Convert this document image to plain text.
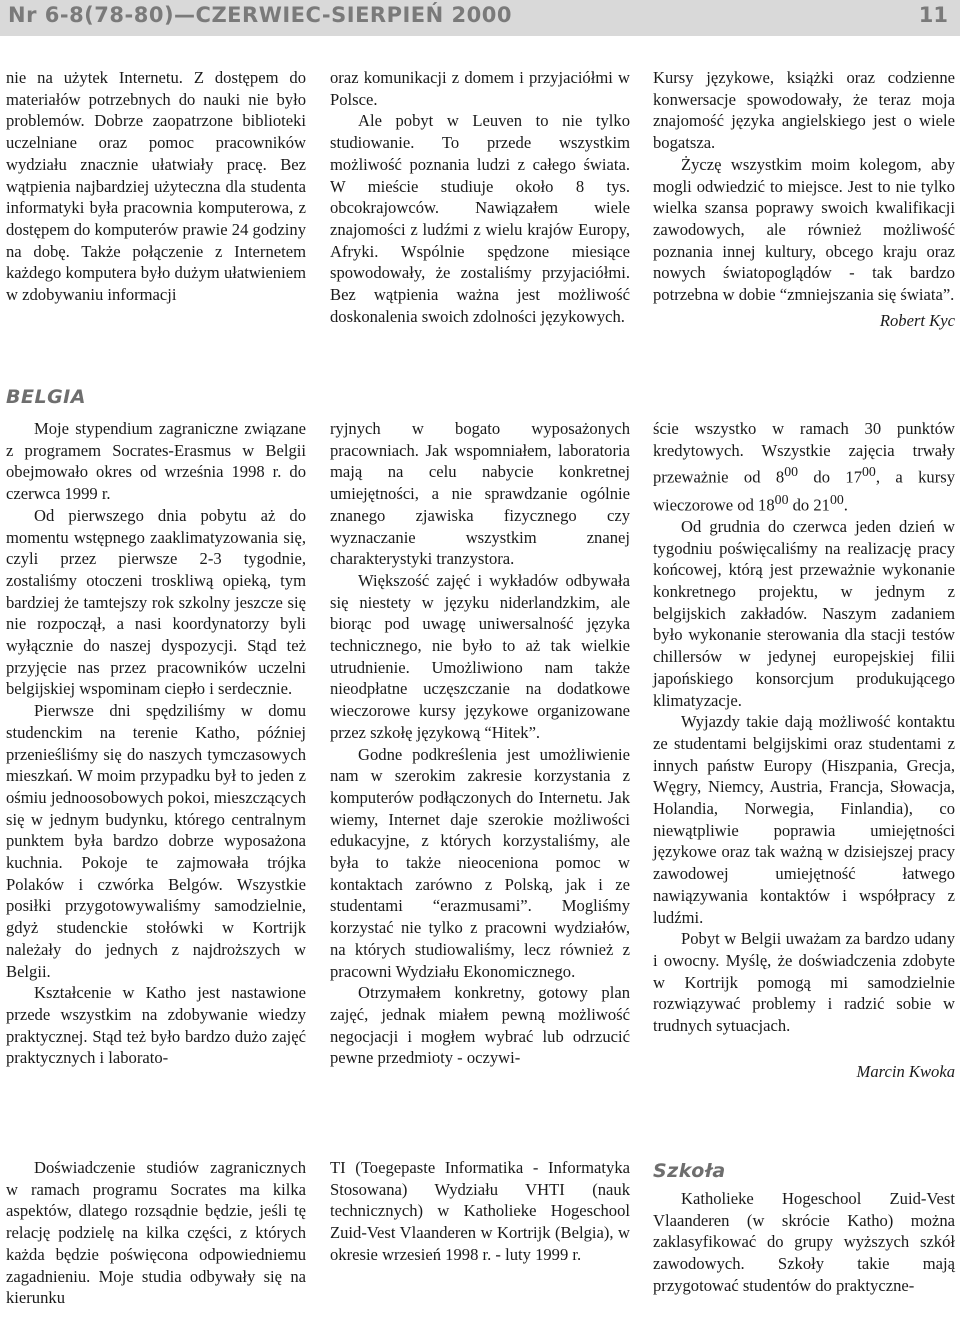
Nr 6-8(78-80)—CZERWIEC-SIERPIEŃ 2000	11

nie na użytek Internetu. Z dostępem do materiałów potrzebnych do nauki nie było problemów. Dobrze zaopatrzone biblioteki uczelniane oraz pomoc pracowników wydziału znacznie ułatwiały pracę. Bez wątpienia najbardziej użyteczna dla studenta informatyki była pracownia komputerowa, z dostępem do komputerów prawie 24 godziny na dobę. Także połączenie z Internetem każdego komputera było dużym ułatwieniem w zdobywaniu informacji

oraz komunikacji z domem i przyjaciółmi w Polsce.

Ale pobyt w Leuven to nie tylko studiowanie. To przede wszystkim możliwość poznania ludzi z całego świata. W mieście studiuje około 8 tys. obcokrajowców. Nawiązałem wiele znajomości z ludźmi z wielu krajów Europy, Afryki. Wspólnie spędzone miesiące spowodowały, że zostaliśmy przyjaciółmi. Bez wątpienia ważna jest możliwość doskonalenia swoich zdolności językowych.

Kursy językowe, książki oraz codzienne konwersacje spowodowały, że teraz moja znajomość języka angielskiego jest o wiele bogatsza.

Życzę wszystkim moim kolegom, aby mogli odwiedzić to miejsce. Jest to nie tylko wielka szansa poprawy swoich kwalifikacji zawodowych, ale również możliwość poznania innej kultury, obcego kraju oraz nowych światopoglądów - tak bardzo potrzebna w dobie “zmniejszania się świata”.

Robert Kyc
BELGIA

Moje stypendium zagraniczne związane z programem Socrates-Erasmus w Belgii obejmowało okres od września 1998 r. do czerwca 1999 r.

Od pierwszego dnia pobytu aż do momentu wstępnego zaaklimatyzowania się, czyli przez pierwsze 2-3 tygodnie, zostaliśmy otoczeni troskliwą opieką, tym bardziej że tamtejszy rok szkolny jeszcze się nie rozpoczął, a nasi koordynatorzy byli wyłącznie do naszej dyspozycji. Stąd też przyjęcie nas przez pracowników uczelni belgijskiej wspominam ciepło i serdecznie.

Pierwsze dni spędziliśmy w domu studenckim na terenie Katho, później przenieśliśmy się do naszych tymczasowych mieszkań. W moim przypadku był to jeden z ośmiu jednoosobowych pokoi, mieszczących się w jednym budynku, którego centralnym punktem była bardzo dobrze wyposażona kuchnia. Pokoje te zajmowała trójka Polaków i czwórka Belgów. Wszystkie posiłki przygotowywaliśmy samodzielnie, gdyż studenckie stołówki w Kortrijk należały do jednych z najdroższych w Belgii.

Kształcenie w Katho jest nastawione przede wszystkim na zdobywanie wiedzy praktycznej. Stąd też było bardzo dużo zajęć praktycznych i laborato-

ryjnych w bogato wyposażonych pracowniach. Jak wspomniałem, laboratoria mają na celu nabycie konkretnej umiejętności, a nie sprawdzanie ogólnie znanego zjawiska fizycznego czy wyznaczanie wszystkim znanej charakterystyki tranzystora.

Większość zajęć i wykładów odbywała się niestety w języku niderlandzkim, ale biorąc pod uwagę uniwersalność języka technicznego, nie było to aż tak wielkie utrudnienie. Umożliwiono nam także nieodpłatne uczęszczanie na dodatkowe wieczorowe kursy językowe organizowane przez szkołę językową “Hitek”.

Godne podkreślenia jest umożliwienie nam w szerokim zakresie korzystania z komputerów podłączonych do Internetu. Jak wiemy, Internet daje szerokie możliwości edukacyjne, z których korzystaliśmy, ale była to także nieoceniona pomoc w kontaktach zarówno z Polską, jak i ze studentami “erazmusami”. Mogliśmy korzystać nie tylko z pracowni wydziałów, na których studiowaliśmy, lecz również z pracowni Wydziału Ekonomicznego.

Otrzymałem konkretny, gotowy plan zajęć, jednak miałem pewną możliwość negocjacji i mogłem wybrać lub odrzucić pewne przedmioty - oczywi-

ście wszystko w ramach 30 punktów kredytowych. Wszystkie zajęcia trwały przeważnie od $8^{00}$ do $17^{00}$, a kursy wieczorowe od $18^{00}$ do $21^{00}$.

Od grudnia do czerwca jeden dzień w tygodniu poświęcaliśmy na realizację pracy końcowej, którą jest przeważnie wykonanie konkretnego projektu, w jednym z belgijskich zakładów. Naszym zadaniem było wykonanie sterowania dla stacji testów chillersów w jedynej europejskiej filii japońskiego konsorcjum produkującego klimatyzacje.

Wyjazdy takie dają możliwość kontaktu ze studentami belgijskimi oraz studentami z innych państw Europy (Hiszpania, Grecja, Węgry, Niemcy, Austria, Francja, Słowacja, Holandia, Norwegia, Finlandia), co niewątpliwie poprawia umiejętności językowe oraz tak ważną w dzisiejszej pracy zawodowej umiejętność łatwego nawiązywania kontaktów i współpracy z ludźmi.

Pobyt w Belgii uważam za bardzo udany i owocny. Myślę, że doświadczenia zdobyte w Kortrijk pomogą mi samodzielnie rozwiązywać problemy i radzić sobie w trudnych sytuacjach.

Marcin Kwoka

Doświadczenie studiów zagranicznych w ramach programu Socrates ma kilka aspektów, dlatego rozsądnie będzie, jeśli tę relację podzielę na kilka części, z których każda będzie poświęcona odpowiedniemu zagadnieniu. Moje studia odbywały się na kierunku

TI (Toegepaste Informatika - Informatyka Stosowana) Wydziału VHTI (nauk technicznych) w Katholieke Hogeschool Zuid-Vest Vlaanderen w Kortrijk (Belgia), w okresie wrzesień 1998 r. - luty 1999 r.

Szkoła

Katholieke Hogeschool Zuid-Vest Vlaanderen (w skrócie Katho) można zaklasyfikować do grupy wyższych szkół zawodowych. Szkoły takie mają przygotować studentów do praktyczne-
